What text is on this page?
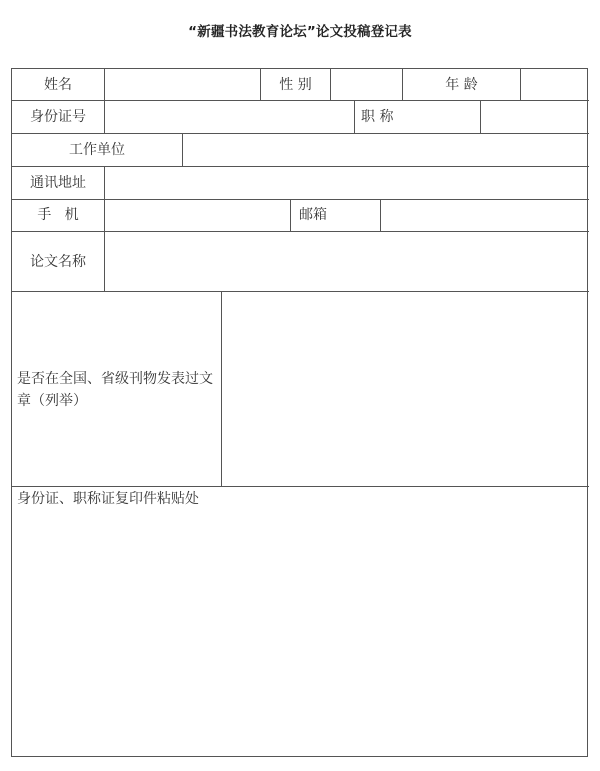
“新疆书法教育论坛”论文投稿登记表
姓名	性 别	年 龄
身份证号	职 称
工作单位
通讯地址
手   机	邮箱
论文名称
是否在全国、省级刊物发表过文章（列举）
身份证、职称证复印件粘贴处
